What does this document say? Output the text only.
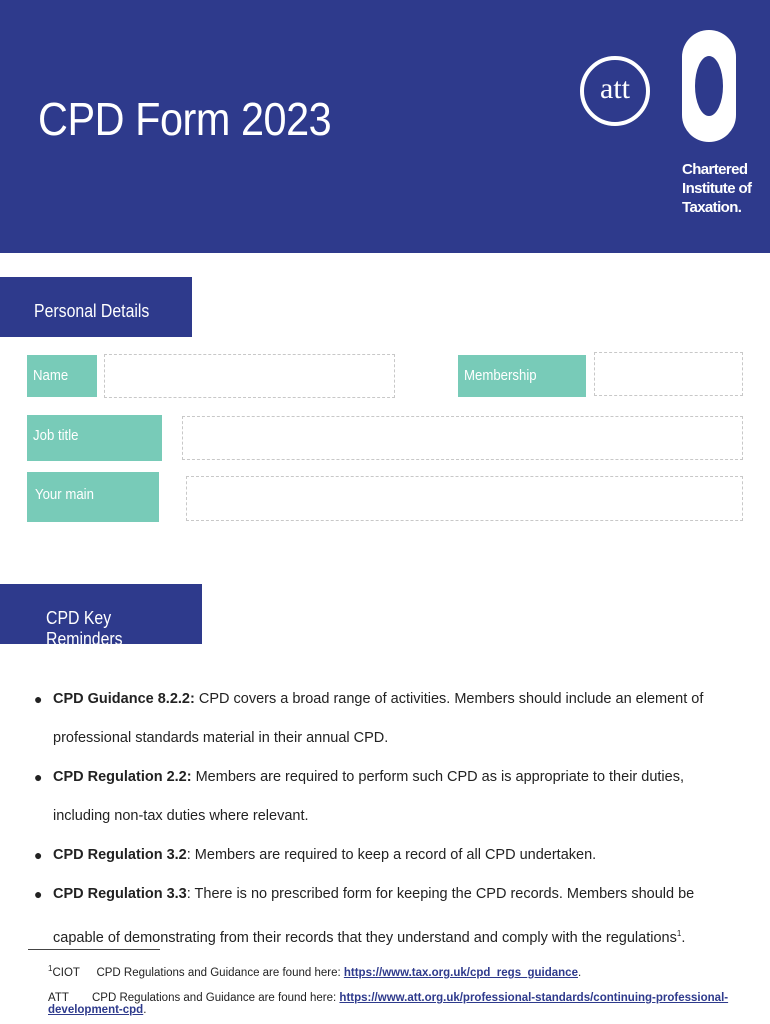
CPD Form 2023
att
Chartered
Institute of
Taxation.
Personal Details
Name	Membership
Job title
Your main
CPD Key Reminders
● CPD Guidance 8.2.2: CPD covers a broad range of activities. Members should include an element of professional standards material in their annual CPD.
● CPD Regulation 2.2: Members are required to perform such CPD as is appropriate to their duties, including non-tax duties where relevant.
● CPD Regulation 3.2: Members are required to keep a record of all CPD undertaken.
● CPD Regulation 3.3: There is no prescribed form for keeping the CPD records. Members should be capable of demonstrating from their records that they understand and comply with the regulations$^1$.
$^1$CIOT CPD Regulations and Guidance are found here: https://www.tax.org.uk/cpd_regs_guidance.
ATT CPD Regulations and Guidance are found here: https://www.att.org.uk/professional-standards/continuing-professional-development-cpd.
